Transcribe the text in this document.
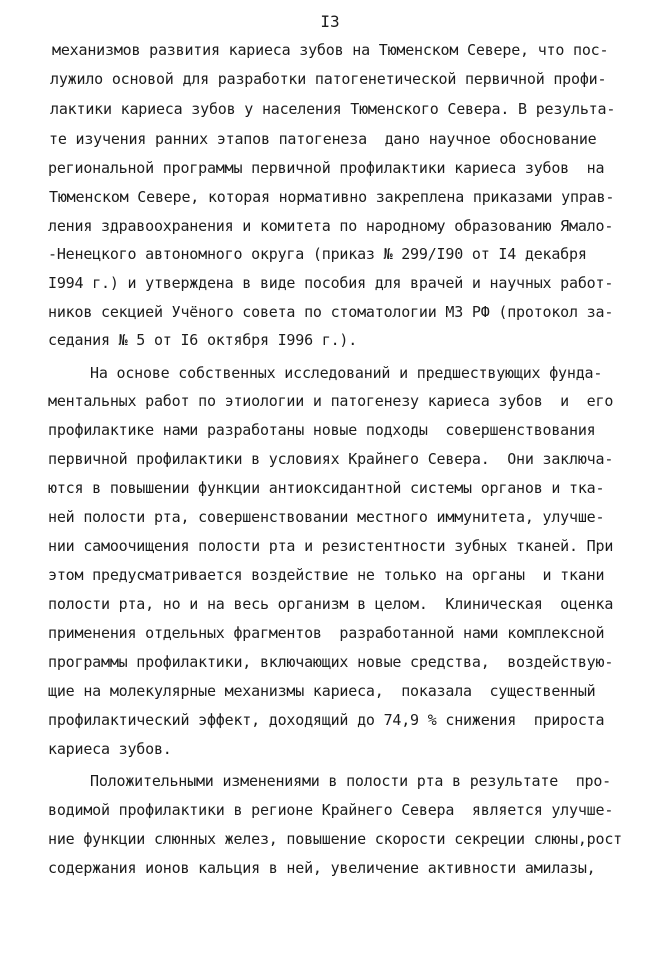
I3
механизмов развития кариеса зубов на Тюменском Севере, что пос-
лужило основой для разработки патогенетической первичной профи-
лактики кариеса зубов у населения Тюменского Севера. В результа-
те изучения ранних этапов патогенеза  дано научное обоснование
региональной программы первичной профилактики кариеса зубов  на
Тюменском Севере, которая нормативно закреплена приказами управ-
ления здравоохранения и комитета по народному образованию Ямало-
-Ненецкого автономного округа (приказ № 299/I90 от I4 декабря
I994 г.) и утверждена в виде пособия для врачей и научных работ-
ников секцией Учёного совета по стоматологии МЗ РФ (протокол за-
седания № 5 от I6 октября I996 г.).
На основе собственных исследований и предшествующих фунда-
ментальных работ по этиологии и патогенезу кариеса зубов  и  его
профилактике нами разработаны новые подходы  совершенствования
первичной профилактики в условиях Крайнего Севера.  Они заключа-
ются в повышении функции антиоксидантной системы органов и тка-
ней полости рта, совершенствовании местного иммунитета, улучше-
нии самоочищения полости рта и резистентности зубных тканей. При
этом предусматривается воздействие не только на органы  и ткани
полости рта, но и на весь организм в целом.  Клиническая  оценка
применения отдельных фрагментов  разработанной нами комплексной
программы профилактики, включающих новые средства,  воздействую-
щие на молекулярные механизмы кариеса,  показала  существенный
профилактический эффект, доходящий до 74,9 % снижения  прироста
кариеса зубов.
Положительными изменениями в полости рта в результате  про-
водимой профилактики в регионе Крайнего Севера  является улучше-
ние функции слюнных желез, повышение скорости секреции слюны,рост
содержания ионов кальция в ней, увеличение активности амилазы,
